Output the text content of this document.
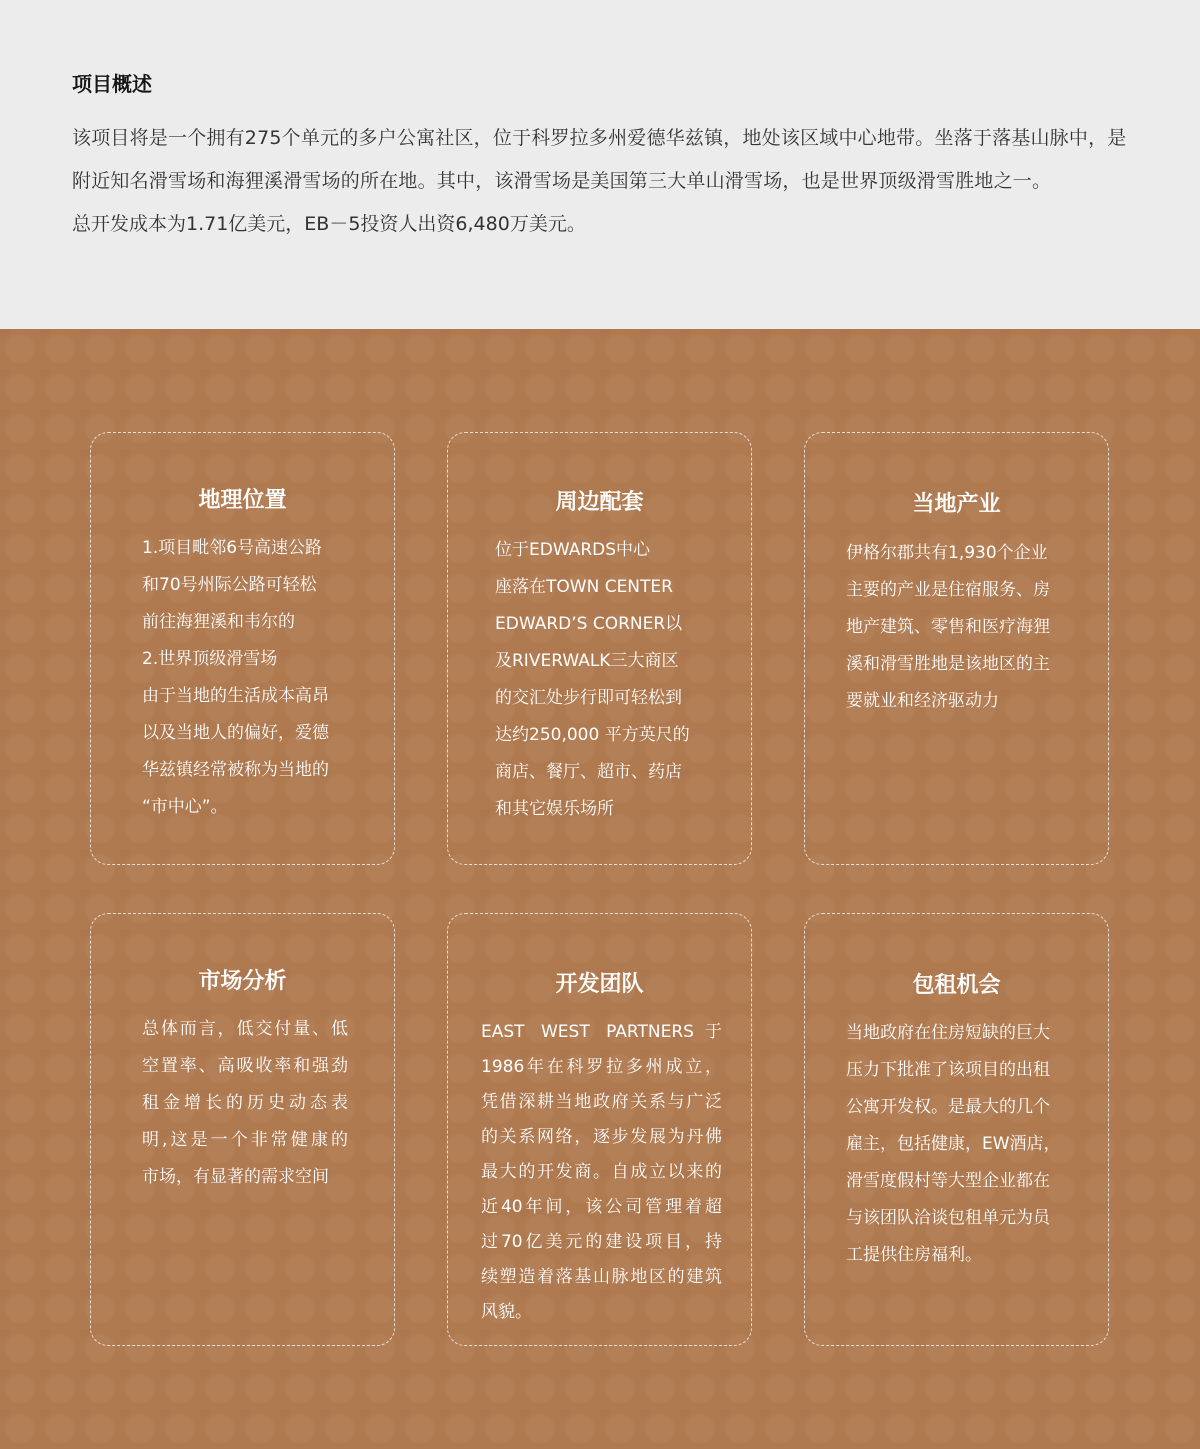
项目概述

该项目将是一个拥有275个单元的多户公寓社区，位于科罗拉多州爱德华兹镇，地处该区域中心地带。坐落于落基山脉中，是附近知名滑雪场和海狸溪滑雪场的所在地。其中，该滑雪场是美国第三大单山滑雪场，也是世界顶级滑雪胜地之一。

总开发成本为1.71亿美元，EB－5投资人出资6,480万美元。

地理位置
1.项目毗邻6号高速公路
和70号州际公路可轻松
前往海狸溪和韦尔的
2.世界顶级滑雪场
由于当地的生活成本高昂
以及当地人的偏好，爱德
华兹镇经常被称为当地的
“市中心”。
周边配套
位于EDWARDS中心
座落在TOWN CENTER
EDWARD’S CORNER以
及RIVERWALK三大商区
的交汇处步行即可轻松到
达约250,000 平方英尺的
商店、餐厅、超市、药店
和其它娱乐场所
当地产业
伊格尔郡共有1,930个企业
主要的产业是住宿服务、房
地产建筑、零售和医疗海狸
溪和滑雪胜地是该地区的主
要就业和经济驱动力
市场分析
总体而言，低交付量、低
空置率、高吸收率和强劲
租金增长的历史动态表
明,这是一个非常健康的
市场，有显著的需求空间
开发团队
EAST WEST PARTNERS于
1986年在科罗拉多州成立，
凭借深耕当地政府关系与广泛
的关系网络，逐步发展为丹佛
最大的开发商。自成立以来的
近40年间，该公司管理着超
过70亿美元的建设项目，持
续塑造着落基山脉地区的建筑
风貌。
包租机会
当地政府在住房短缺的巨大
压力下批准了该项目的出租
公寓开发权。是最大的几个
雇主，包括健康，EW酒店，
滑雪度假村等大型企业都在
与该团队洽谈包租单元为员
工提供住房福利。
